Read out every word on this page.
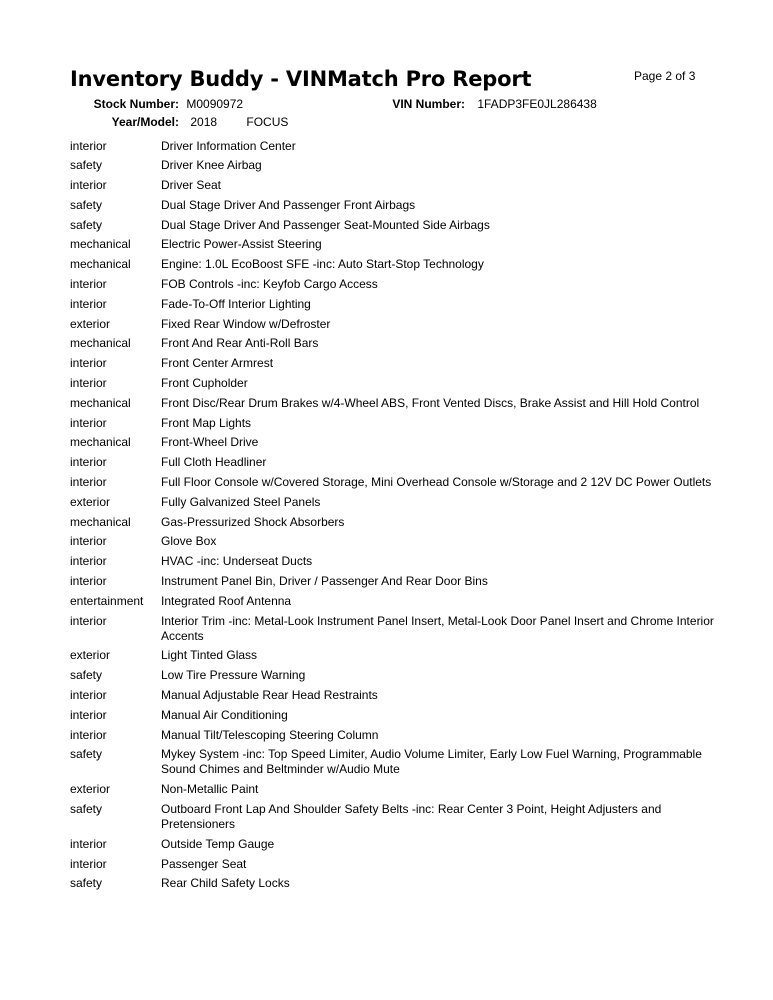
Inventory Buddy - VINMatch Pro Report	Page 2 of 3
Stock Number: M0090972	VIN Number: 1FADP3FE0JL286438
Year/Model: 2018 FOCUS
interior	Driver Information Center
safety	Driver Knee Airbag
interior	Driver Seat
safety	Dual Stage Driver And Passenger Front Airbags
safety	Dual Stage Driver And Passenger Seat-Mounted Side Airbags
mechanical	Electric Power-Assist Steering
mechanical	Engine: 1.0L EcoBoost SFE -inc: Auto Start-Stop Technology
interior	FOB Controls -inc: Keyfob Cargo Access
interior	Fade-To-Off Interior Lighting
exterior	Fixed Rear Window w/Defroster
mechanical	Front And Rear Anti-Roll Bars
interior	Front Center Armrest
interior	Front Cupholder
mechanical	Front Disc/Rear Drum Brakes w/4-Wheel ABS, Front Vented Discs, Brake Assist and Hill Hold Control
interior	Front Map Lights
mechanical	Front-Wheel Drive
interior	Full Cloth Headliner
interior	Full Floor Console w/Covered Storage, Mini Overhead Console w/Storage and 2 12V DC Power Outlets
exterior	Fully Galvanized Steel Panels
mechanical	Gas-Pressurized Shock Absorbers
interior	Glove Box
interior	HVAC -inc: Underseat Ducts
interior	Instrument Panel Bin, Driver / Passenger And Rear Door Bins
entertainment Integrated Roof Antenna
interior	Interior Trim -inc: Metal-Look Instrument Panel Insert, Metal-Look Door Panel Insert and Chrome Interior Accents
exterior	Light Tinted Glass
safety	Low Tire Pressure Warning
interior	Manual Adjustable Rear Head Restraints
interior	Manual Air Conditioning
interior	Manual Tilt/Telescoping Steering Column
safety	Mykey System -inc: Top Speed Limiter, Audio Volume Limiter, Early Low Fuel Warning, Programmable Sound Chimes and Beltminder w/Audio Mute
exterior	Non-Metallic Paint
safety	Outboard Front Lap And Shoulder Safety Belts -inc: Rear Center 3 Point, Height Adjusters and Pretensioners
interior	Outside Temp Gauge
interior	Passenger Seat
safety	Rear Child Safety Locks
